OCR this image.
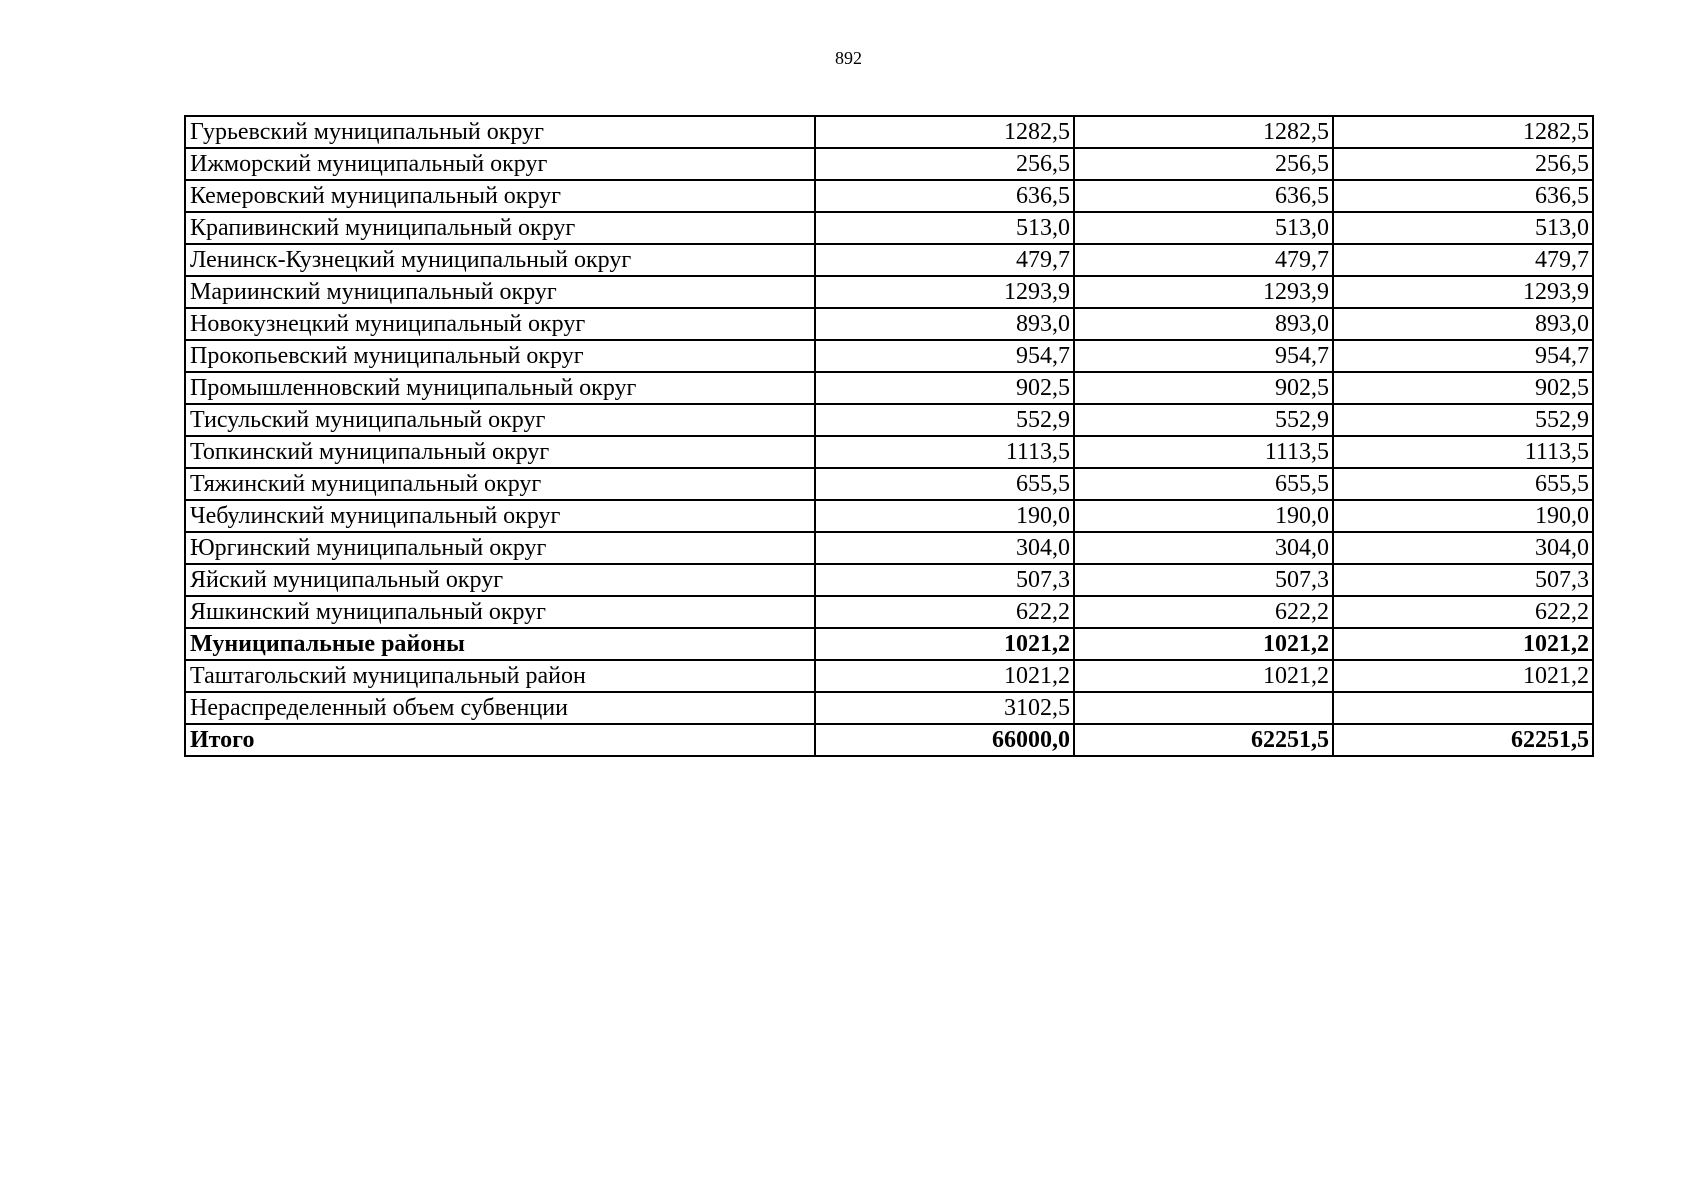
892
Гурьевский муниципальный округ	1282,5	1282,5	1282,5
Ижморский муниципальный округ	256,5	256,5	256,5
Кемеровский муниципальный округ	636,5	636,5	636,5
Крапивинский муниципальный округ	513,0	513,0	513,0
Ленинск-Кузнецкий муниципальный округ	479,7	479,7	479,7
Мариинский муниципальный округ	1293,9	1293,9	1293,9
Новокузнецкий муниципальный округ	893,0	893,0	893,0
Прокопьевский муниципальный округ	954,7	954,7	954,7
Промышленновский муниципальный округ	902,5	902,5	902,5
Тисульский муниципальный округ	552,9	552,9	552,9
Топкинский муниципальный округ	1113,5	1113,5	1113,5
Тяжинский муниципальный округ	655,5	655,5	655,5
Чебулинский муниципальный округ	190,0	190,0	190,0
Юргинский муниципальный округ	304,0	304,0	304,0
Яйский муниципальный округ	507,3	507,3	507,3
Яшкинский муниципальный округ	622,2	622,2	622,2
Муниципальные районы	1021,2	1021,2	1021,2
Таштагольский муниципальный район	1021,2	1021,2	1021,2
Нераспределенный объем субвенции	3102,5		
Итого	66000,0	62251,5	62251,5
